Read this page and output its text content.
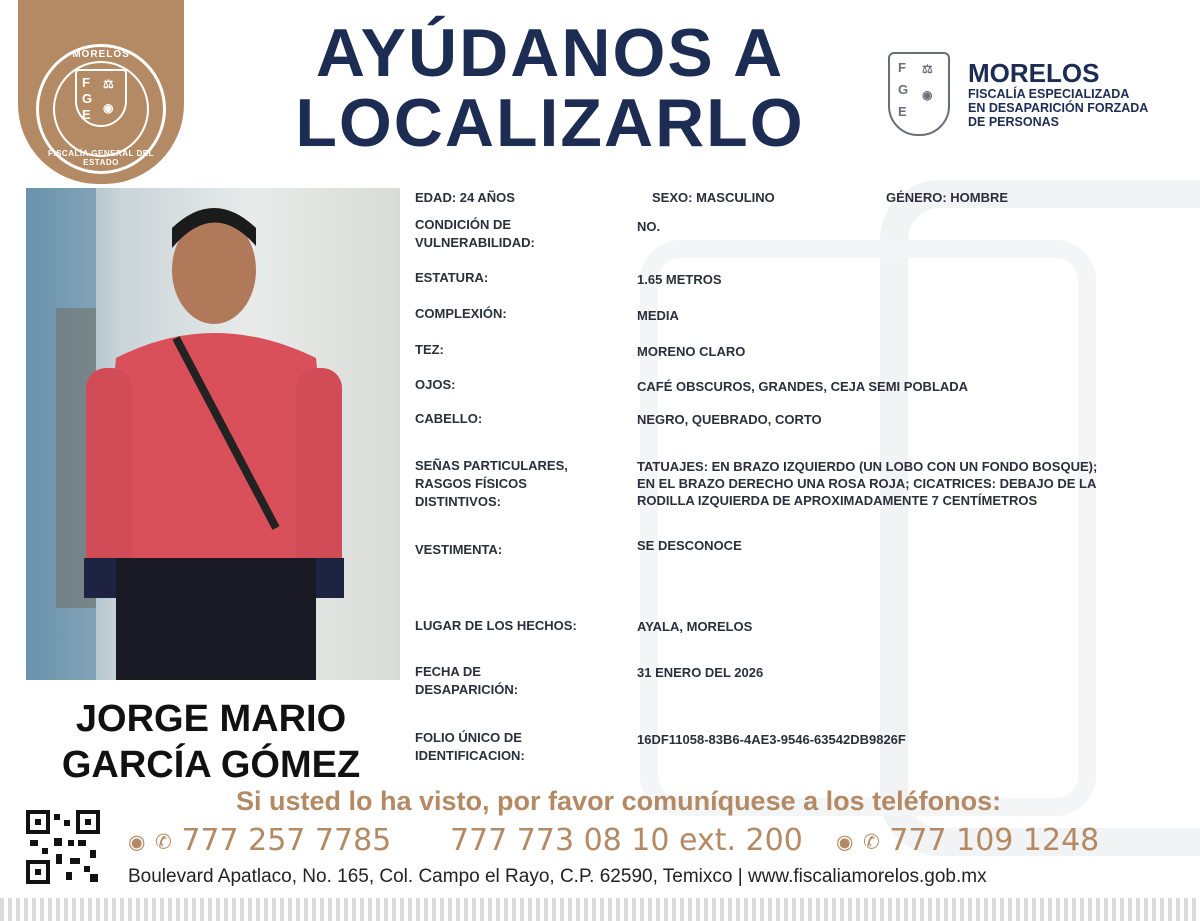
MORELOS
F
G
E
⚖
◉
FISCALÍA GENERAL DEL ESTADO
AYÚDANOS A
LOCALIZARLO
F
G
E
⚖
◉
MORELOS
FISCALÍA ESPECIALIZADA
EN DESAPARICIÓN FORZADA
DE PERSONAS
JORGE MARIO
GARCÍA GÓMEZ
EDAD: 24 AÑOS	SEXO: MASCULINO	GÉNERO: HOMBRE
CONDICIÓN DE
VULNERABILIDAD:
NO.
ESTATURA:	1.65 METROS
COMPLEXIÓN:	MEDIA
TEZ:	MORENO CLARO
OJOS:	CAFÉ OBSCUROS, GRANDES, CEJA SEMI POBLADA
CABELLO:	NEGRO, QUEBRADO, CORTO
SEÑAS PARTICULARES,
RASGOS FÍSICOS
DISTINTIVOS:
TATUAJES: EN BRAZO IZQUIERDO (UN LOBO CON UN FONDO BOSQUE);
EN EL BRAZO DERECHO UNA ROSA ROJA; CICATRICES: DEBAJO DE LA
RODILLA IZQUIERDA DE APROXIMADAMENTE 7 CENTÍMETROS
VESTIMENTA:	SE DESCONOCE
LUGAR DE LOS HECHOS:	AYALA, MORELOS
FECHA DE
DESAPARICIÓN:
31 ENERO DEL 2026
FOLIO ÚNICO DE
IDENTIFICACION:
16DF11058-83B6-4AE3-9546-63542DB9826F
Si usted lo ha visto, por favor comuníquese a los teléfonos:
◉ ✆ 777 257 7785 777 773 08 10 ext. 200 ◉ ✆ 777 109 1248
Boulevard Apatlaco, No. 165, Col. Campo el Rayo, C.P. 62590, Temixco | www.fiscaliamorelos.gob.mx
